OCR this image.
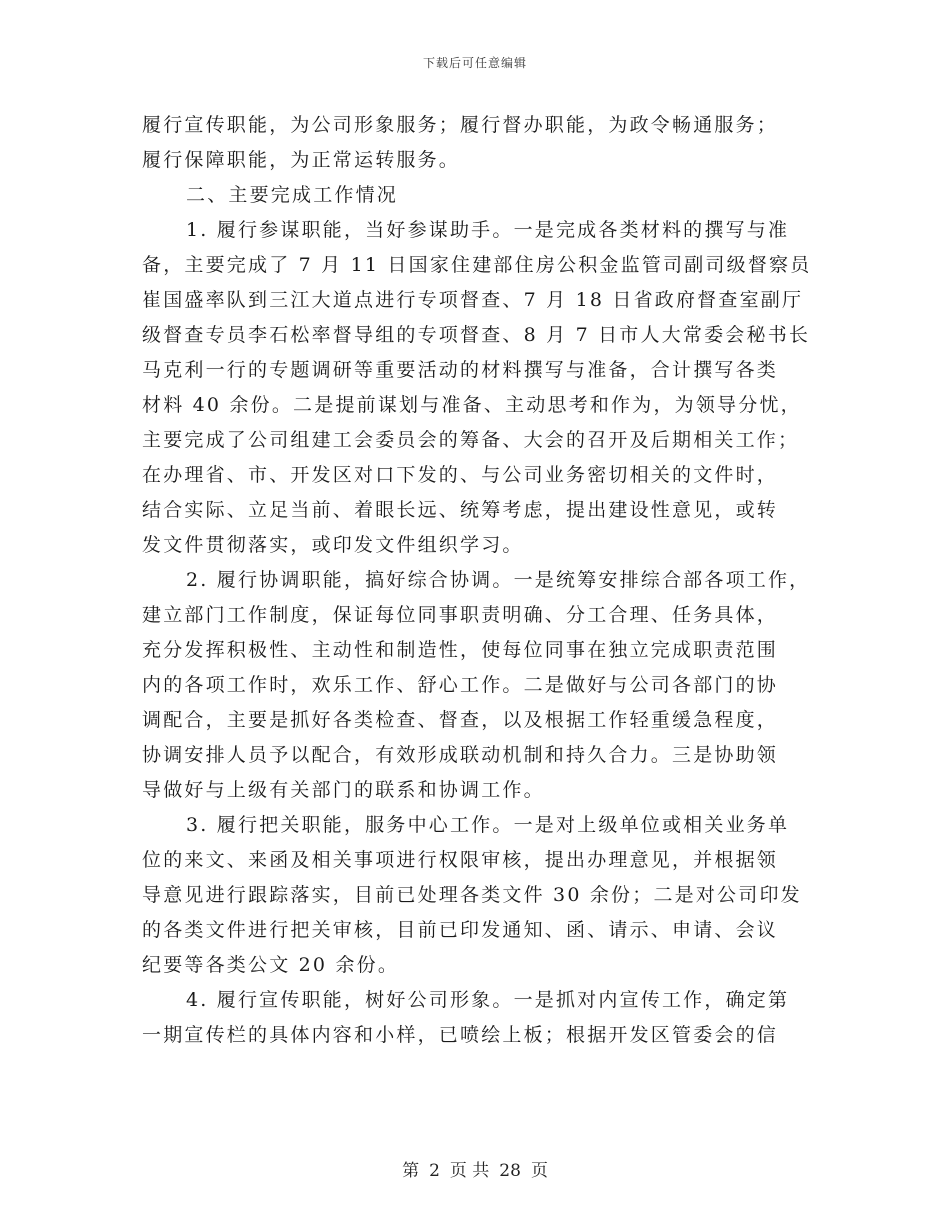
下载后可任意编辑
履行宣传职能，为公司形象服务；履行督办职能，为政令畅通服务；
履行保障职能，为正常运转服务。
二、主要完成工作情况
1. 履行参谋职能，当好参谋助手。一是完成各类材料的撰写与准
备，主要完成了 7 月 11 日国家住建部住房公积金监管司副司级督察员
崔国盛率队到三江大道点进行专项督查、7 月 18 日省政府督查室副厅
级督查专员李石松率督导组的专项督查、8 月 7 日市人大常委会秘书长
马克利一行的专题调研等重要活动的材料撰写与准备，合计撰写各类
材料 40 余份。二是提前谋划与准备、主动思考和作为，为领导分忧，
主要完成了公司组建工会委员会的筹备、大会的召开及后期相关工作；
在办理省、市、开发区对口下发的、与公司业务密切相关的文件时，
结合实际、立足当前、着眼长远、统筹考虑，提出建设性意见，或转
发文件贯彻落实，或印发文件组织学习。
2. 履行协调职能，搞好综合协调。一是统筹安排综合部各项工作，
建立部门工作制度，保证每位同事职责明确、分工合理、任务具体，
充分发挥积极性、主动性和制造性，使每位同事在独立完成职责范围
内的各项工作时，欢乐工作、舒心工作。二是做好与公司各部门的协
调配合，主要是抓好各类检查、督查，以及根据工作轻重缓急程度，
协调安排人员予以配合，有效形成联动机制和持久合力。三是协助领
导做好与上级有关部门的联系和协调工作。
3. 履行把关职能，服务中心工作。一是对上级单位或相关业务单
位的来文、来函及相关事项进行权限审核，提出办理意见，并根据领
导意见进行跟踪落实，目前已处理各类文件 30 余份；二是对公司印发
的各类文件进行把关审核，目前已印发通知、函、请示、申请、会议
纪要等各类公文 20 余份。
4. 履行宣传职能，树好公司形象。一是抓对内宣传工作，确定第
一期宣传栏的具体内容和小样，已喷绘上板；根据开发区管委会的信
第 2 页 共 28 页
